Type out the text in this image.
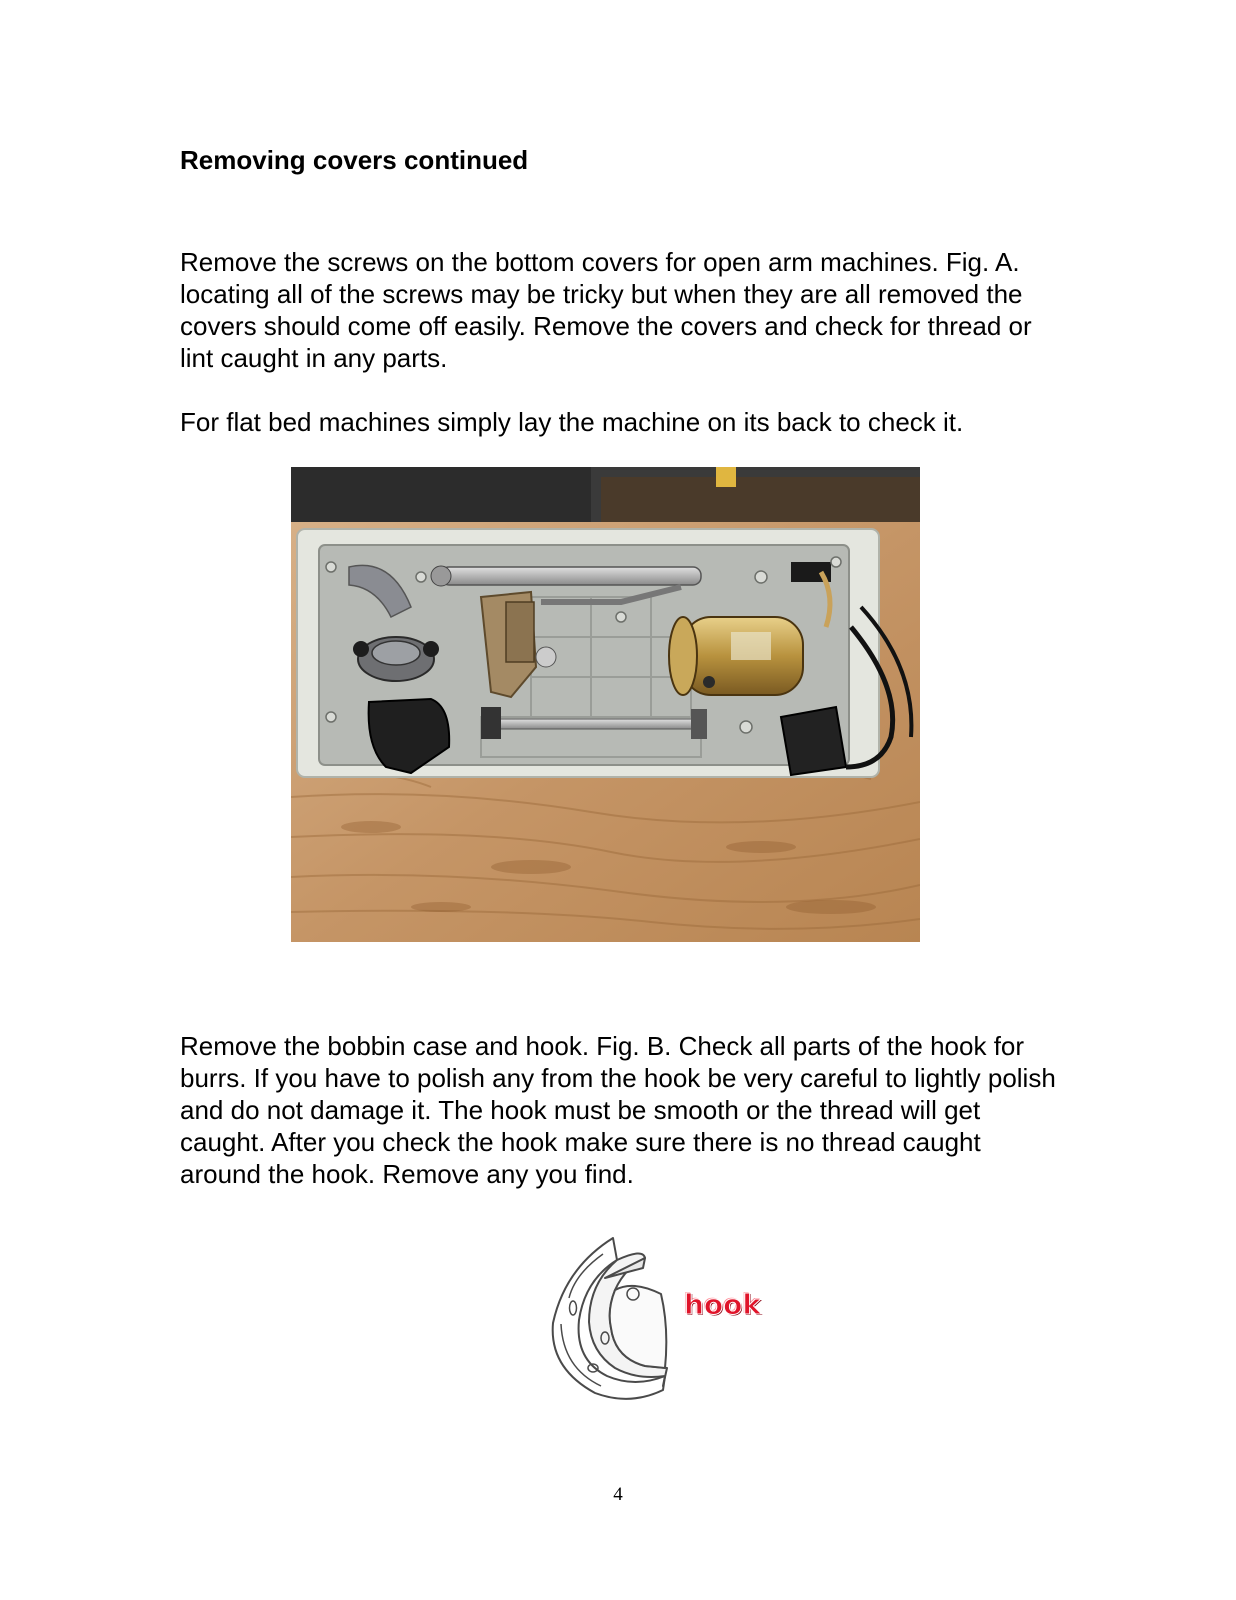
Removing covers continued

Remove the screws on the bottom covers for open arm machines. Fig. A. locating all of the screws may be tricky but when they are all removed the covers should come off easily. Remove the covers and check for thread or lint caught in any parts.

For flat bed machines simply lay the machine on its back to check it.

Remove the bobbin case and hook. Fig. B. Check all parts of the hook for burrs. If you have to polish any from the hook be very careful to lightly polish and do not damage it. The hook must be smooth or the thread will get caught. After you check the hook make sure there is no thread caught around the hook. Remove any you find.

hook
4
